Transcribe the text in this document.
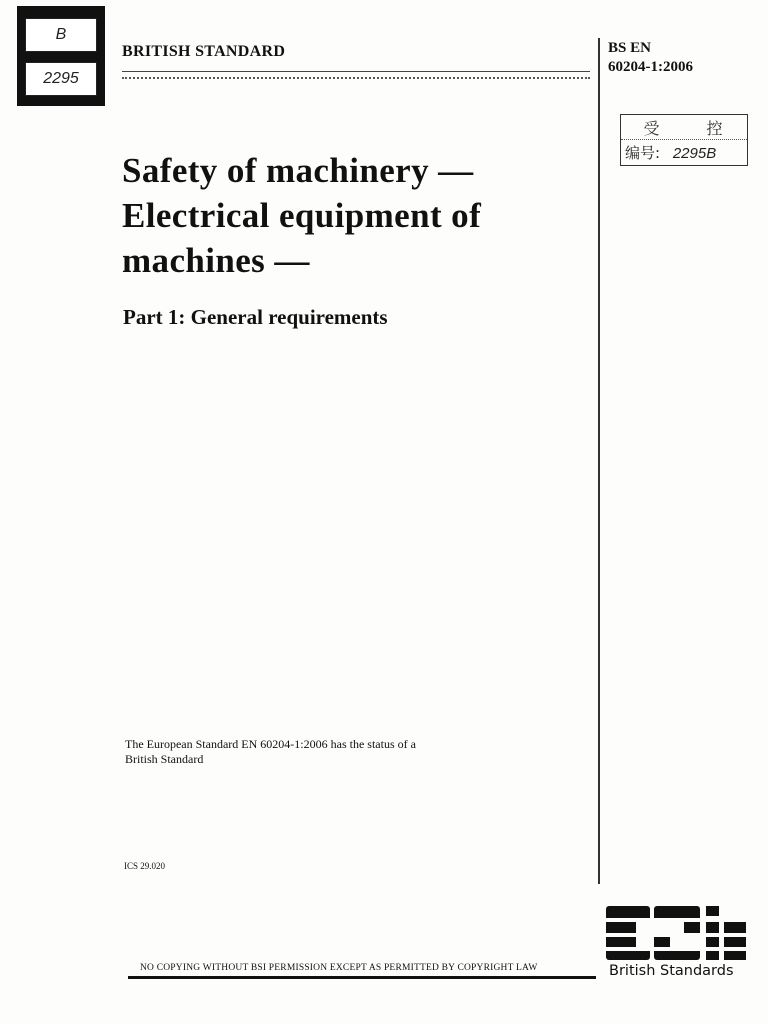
B
2295
BRITISH STANDARD	BS EN
60204-1:2006
受	控
编号: 2295B
Safety of machinery —
Electrical equipment of
machines —
Part 1: General requirements
The European Standard EN 60204-1:2006 has the status of a
British Standard
ICS 29.020
NO COPYING WITHOUT BSI PERMISSION EXCEPT AS PERMITTED BY COPYRIGHT LAW	British Standards
